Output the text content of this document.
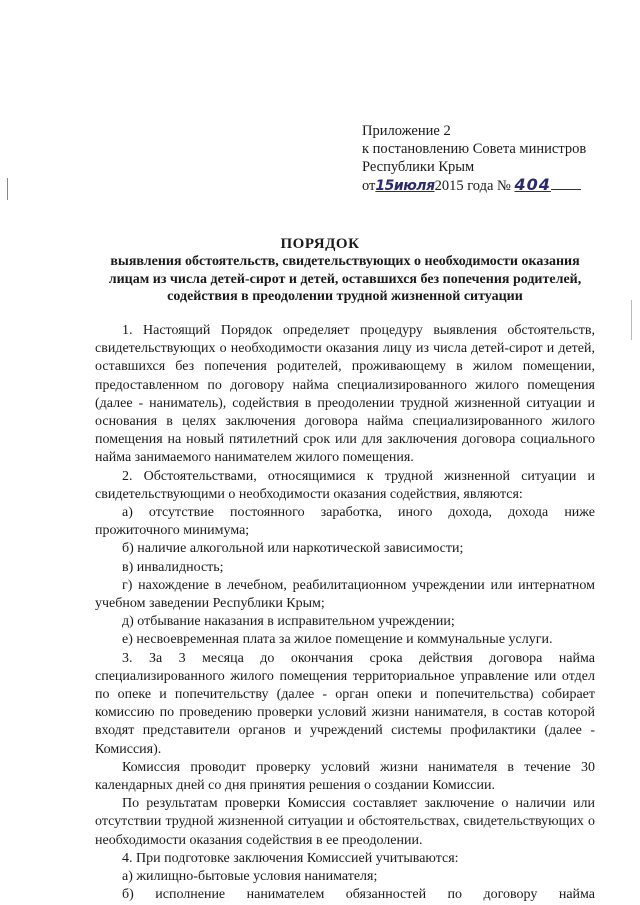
Приложение 2
к постановлению Совета министров
Республики Крым
от15июля2015 года № 404
ПОРЯДОК
выявления обстоятельств, свидетельствующих о необходимости оказания
лицам из числа детей-сирот и детей, оставшихся без попечения родителей,
содействия в преодолении трудной жизненной ситуации

1. Настоящий Порядок определяет процедуру выявления обстоятельств, свидетельствующих о необходимости оказания лицу из числа детей-сирот и детей, оставшихся без попечения родителей, проживающему в жилом помещении, предоставленном по договору найма специализированного жилого помещения (далее - наниматель), содействия в преодолении трудной жизненной ситуации и основания в целях заключения договора найма специализированного жилого помещения на новый пятилетний срок или для заключения договора социального найма занимаемого нанимателем жилого помещения.

2. Обстоятельствами, относящимися к трудной жизненной ситуации и свидетельствующими о необходимости оказания содействия, являются:

а) отсутствие постоянного заработка, иного дохода, дохода ниже прожиточного минимума;

б) наличие алкогольной или наркотической зависимости;

в) инвалидность;

г) нахождение в лечебном, реабилитационном учреждении или интернатном учебном заведении Республики Крым;

д) отбывание наказания в исправительном учреждении;

е) несвоевременная плата за жилое помещение и коммунальные услуги.

3. За 3 месяца до окончания срока действия договора найма специализированного жилого помещения территориальное управление или отдел по опеке и попечительству (далее - орган опеки и попечительства) собирает комиссию по проведению проверки условий жизни нанимателя, в состав которой входят представители органов и учреждений системы профилактики (далее - Комиссия).

Комиссия проводит проверку условий жизни нанимателя в течение 30 календарных дней со дня принятия решения о создании Комиссии.

По результатам проверки Комиссия составляет заключение о наличии или отсутствии трудной жизненной ситуации и обстоятельствах, свидетельствующих о необходимости оказания содействия в ее преодолении.

4. При подготовке заключения Комиссией учитываются:

а) жилищно-бытовые условия нанимателя;

б) исполнение нанимателем обязанностей по договору найма
